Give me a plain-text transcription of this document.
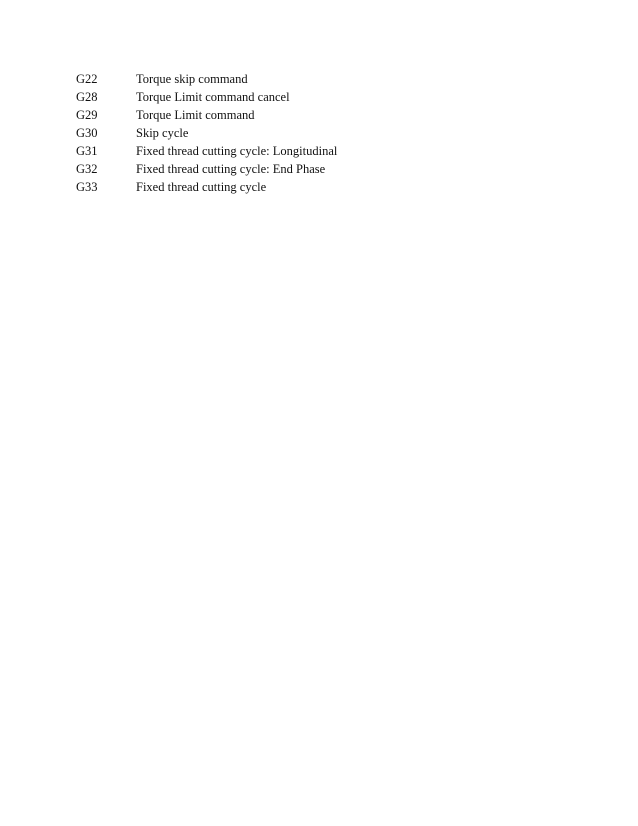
G22	Torque skip command
G28	Torque Limit command cancel
G29	Torque Limit command
G30	Skip cycle
G31	Fixed thread cutting cycle: Longitudinal
G32	Fixed thread cutting cycle: End Phase
G33	Fixed thread cutting cycle
